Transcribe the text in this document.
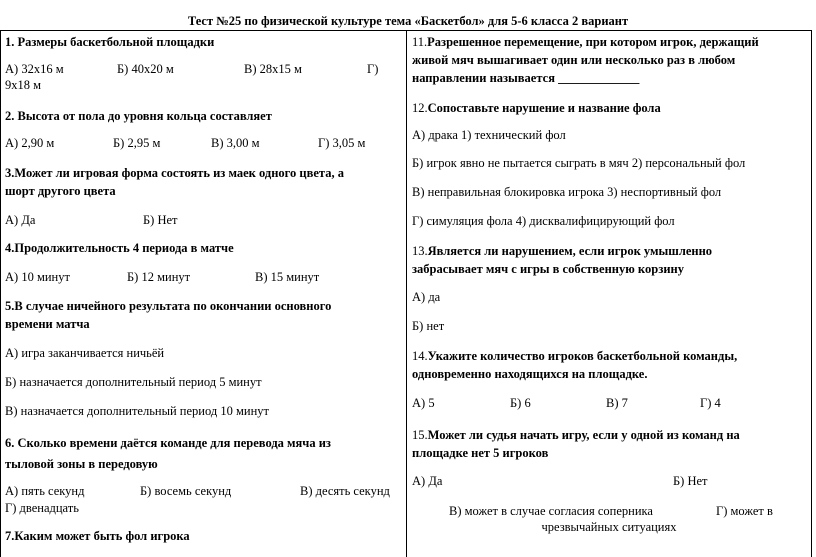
Тест №25 по физической культуре тема «Баскетбол» для 5-6 класса 2 вариант
1. Размеры баскетбольной площадки
А) 32х16 м	Б) 40х20 м	В) 28х15 м	Г)
9х18 м
2. Высота от пола до уровня кольца составляет
А) 2,90 м	Б) 2,95 м	В) 3,00 м	Г) 3,05 м
3.Может ли игровая форма состоять из маек одного цвета, а
шорт другого цвета
А) Да	Б) Нет
4.Продолжительность 4 периода в матче
А) 10 минут	Б) 12 минут	В) 15 минут
5.В случае ничейного результата по окончании основного
времени матча
А) игра заканчивается ничьёй
Б) назначается дополнительный период 5 минут
В) назначается дополнительный период 10 минут
6. Сколько времени даётся команде для перевода мяча из
тыловой зоны в передовую
А) пять секунд	Б) восемь секунд	В) десять секунд
Г) двенадцать
7.Каким может быть фол игрока
11.Разрешенное перемещение, при котором игрок, держащий
живой мяч вышагивает один или несколько раз в любом
направлении называется _____________
12.Сопоставьте нарушение и название фола
А) драка 1) технический фол
Б) игрок явно не пытается сыграть в мяч 2) персональный фол
В) неправильная блокировка игрока 3) неспортивный фол
Г) симуляция фола 4) дисквалифицирующий фол
13.Является ли нарушением, если игрок умышленно
забрасывает мяч с игры в собственную корзину
А) да
Б) нет
14.Укажите количество игроков баскетбольной команды,
одновременно находящихся на площадке.
А) 5	Б) 6	В) 7	Г) 4
15.Может ли судья начать игру, если у одной из команд на
площадке нет 5 игроков
А) Да	Б) Нет
В) может в случае согласия соперника	Г) может в
чрезвычайных ситуациях
